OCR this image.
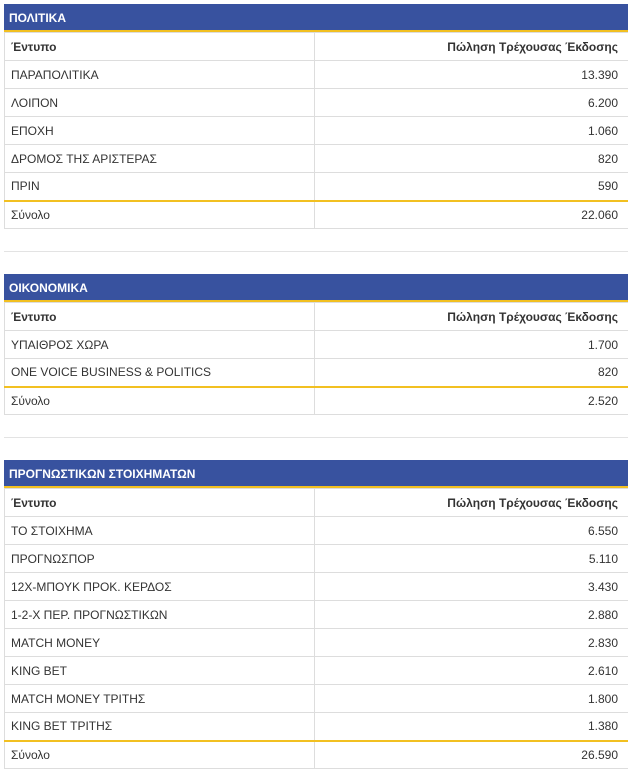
ΠΟΛΙΤΙΚΑ
Έντυπο	Πώληση Τρέχουσας Έκδοσης
ΠΑΡΑΠΟΛΙΤΙΚΑ	13.390
ΛΟΙΠΟΝ	6.200
ΕΠΟΧΗ	1.060
ΔΡΟΜΟΣ ΤΗΣ ΑΡΙΣΤΕΡΑΣ	820
ΠΡΙΝ	590
Σύνολο	22.060
ΟΙΚΟΝΟΜΙΚΑ
Έντυπο	Πώληση Τρέχουσας Έκδοσης
ΥΠΑΙΘΡΟΣ ΧΩΡΑ	1.700
ONE VOICE BUSINESS & POLITICS	820
Σύνολο	2.520
ΠΡΟΓΝΩΣΤΙΚΩΝ ΣΤΟΙΧΗΜΑΤΩΝ
Έντυπο	Πώληση Τρέχουσας Έκδοσης
ΤΟ ΣΤΟΙΧΗΜΑ	6.550
ΠΡΟΓΝΩΣΠΟΡ	5.110
12Χ-ΜΠΟΥΚ ΠΡΟΚ. ΚΕΡΔΟΣ	3.430
1-2-Χ ΠΕΡ. ΠΡΟΓΝΩΣΤΙΚΩΝ	2.880
MATCH MONEY	2.830
KING BET	2.610
MATCH MONEY ΤΡΙΤΗΣ	1.800
KING BET ΤΡΙΤΗΣ	1.380
Σύνολο	26.590
